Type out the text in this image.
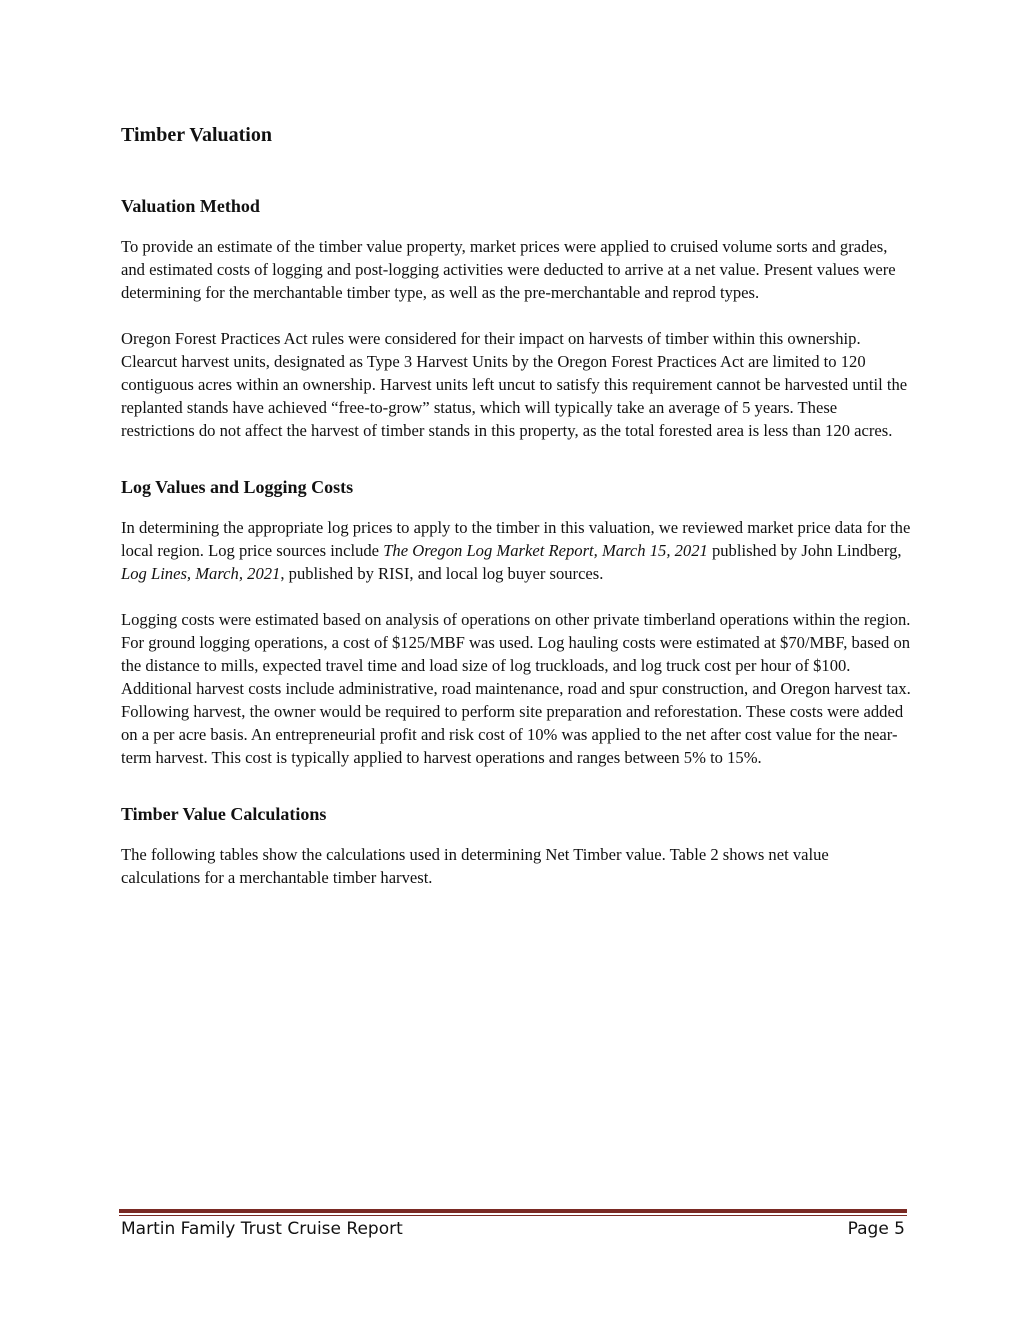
Timber Valuation
Valuation Method

To provide an estimate of the timber value property, market prices were applied to cruised volume sorts and grades, and estimated costs of logging and post-logging activities were deducted to arrive at a net value. Present values were determining for the merchantable timber type, as well as the pre-merchantable and reprod types.

Oregon Forest Practices Act rules were considered for their impact on harvests of timber within this ownership. Clearcut harvest units, designated as Type 3 Harvest Units by the Oregon Forest Practices Act are limited to 120 contiguous acres within an ownership. Harvest units left uncut to satisfy this requirement cannot be harvested until the replanted stands have achieved “free-to-grow” status, which will typically take an average of 5 years. These restrictions do not affect the harvest of timber stands in this property, as the total forested area is less than 120 acres.

Log Values and Logging Costs

In determining the appropriate log prices to apply to the timber in this valuation, we reviewed market price data for the local region. Log price sources include The Oregon Log Market Report, March 15, 2021 published by John Lindberg, Log Lines, March, 2021, published by RISI, and local log buyer sources.

Logging costs were estimated based on analysis of operations on other private timberland operations within the region. For ground logging operations, a cost of $125/MBF was used. Log hauling costs were estimated at $70/MBF, based on the distance to mills, expected travel time and load size of log truckloads, and log truck cost per hour of $100. Additional harvest costs include administrative, road maintenance, road and spur construction, and Oregon harvest tax. Following harvest, the owner would be required to perform site preparation and reforestation. These costs were added on a per acre basis. An entrepreneurial profit and risk cost of 10% was applied to the net after cost value for the near-term harvest. This cost is typically applied to harvest operations and ranges between 5% to 15%.

Timber Value Calculations

The following tables show the calculations used in determining Net Timber value. Table 2 shows net value calculations for a merchantable timber harvest.

Martin Family Trust Cruise Report	Page 5
